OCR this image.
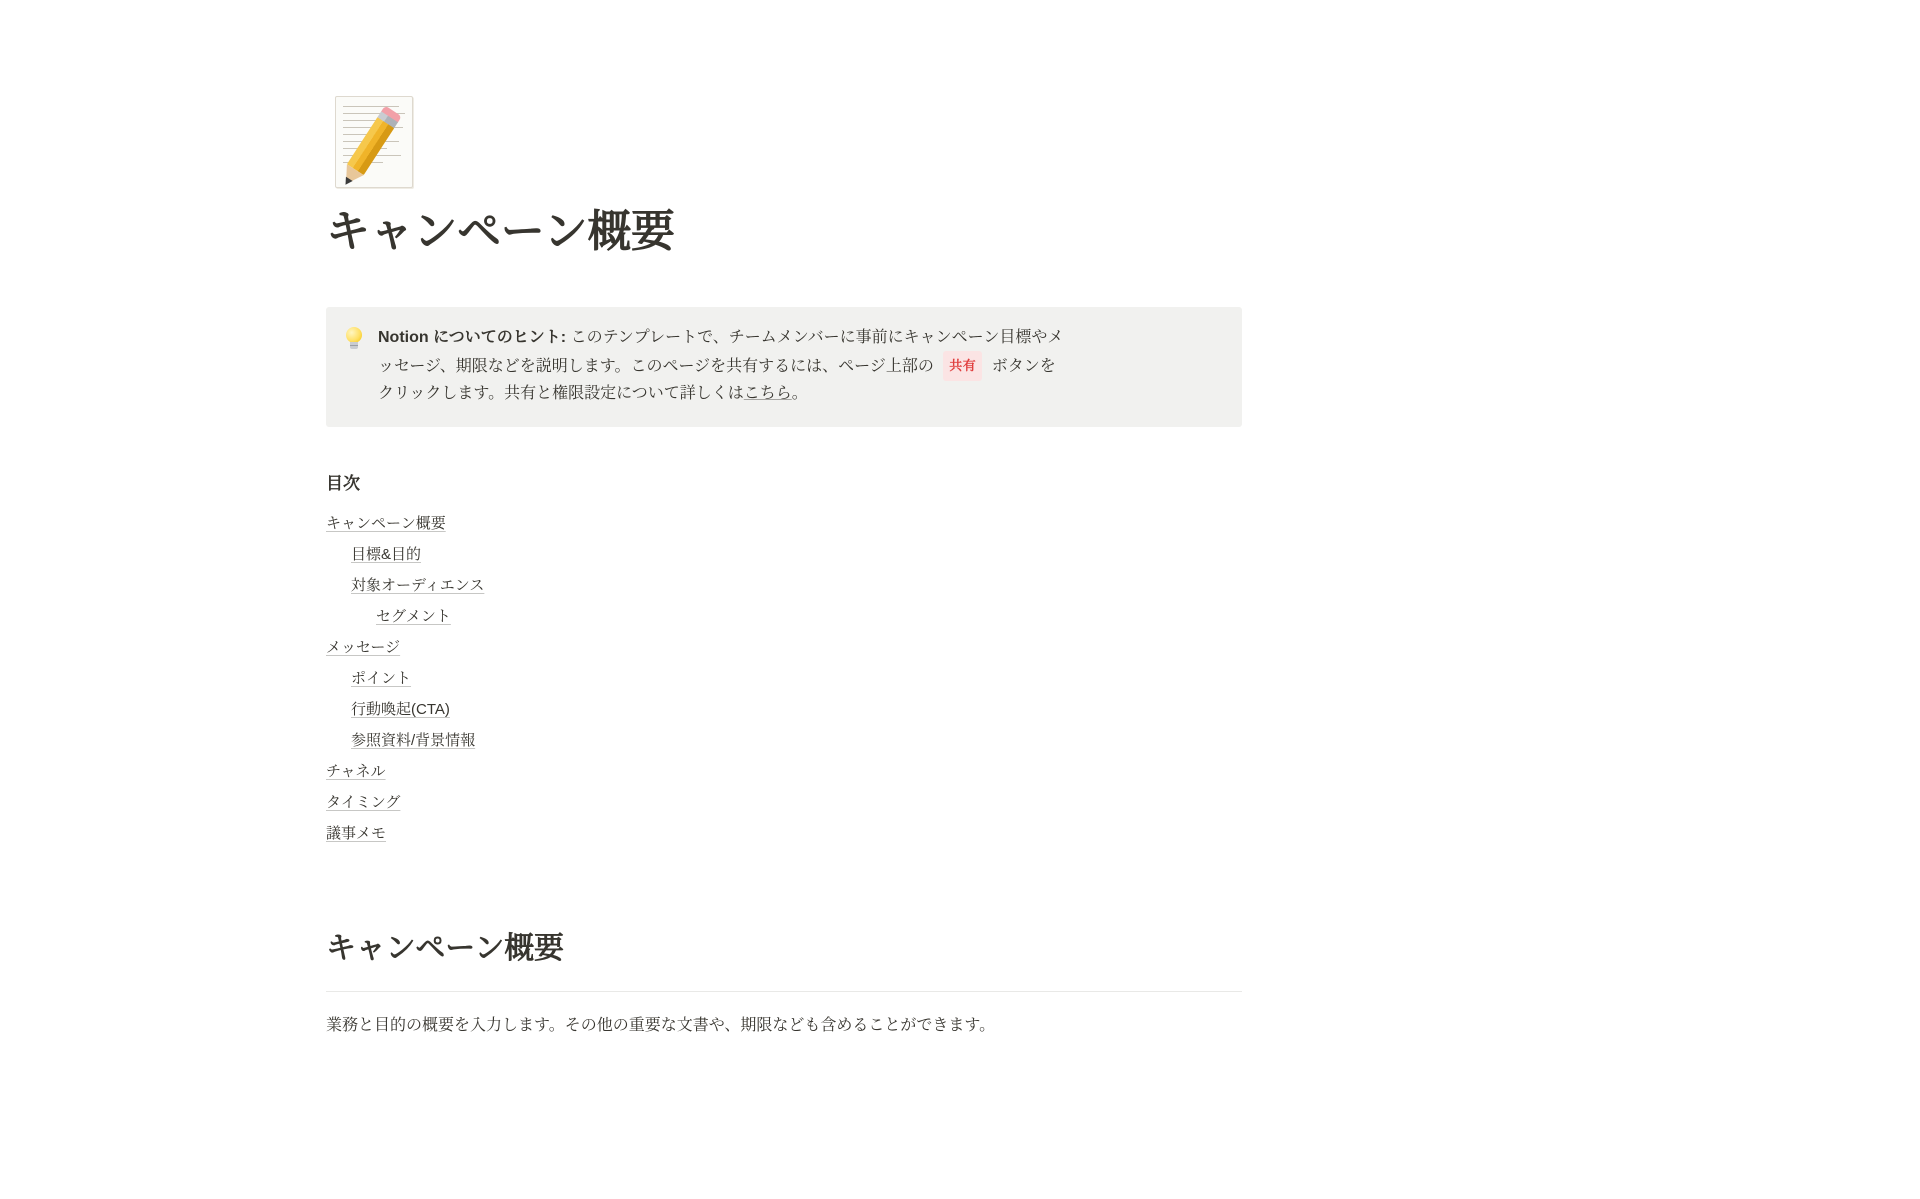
キャンペーン概要
Notion についてのヒント: このテンプレートで、チームメンバーに事前にキャンペーン目標やメッセージ、期限などを説明します。このページを共有するには、ページ上部の 共有 ボタンをクリックします。共有と権限設定について詳しくはこちら。
目次
キャンペーン概要
目標&目的
対象オーディエンス
セグメント
メッセージ
ポイント
行動喚起(CTA)
参照資料/背景情報
チャネル
タイミング
議事メモ
キャンペーン概要

業務と目的の概要を入力します。その他の重要な文書や、期限なども含めることができます。
